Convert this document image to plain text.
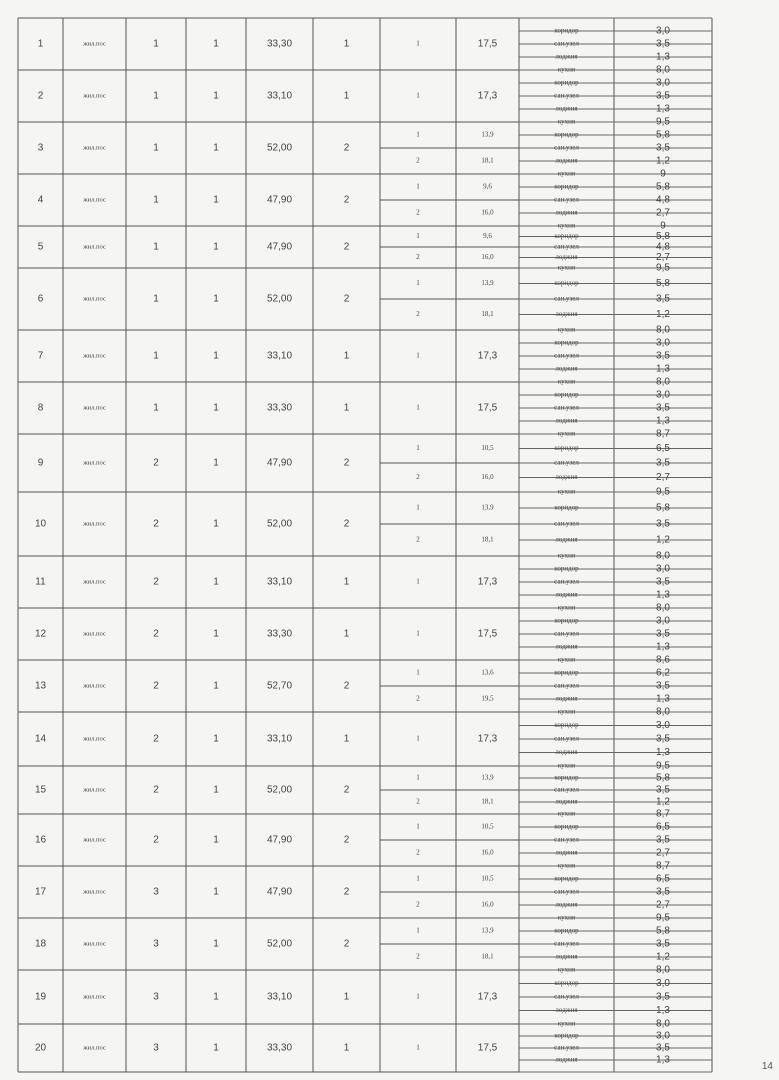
1	жил.пос	1	1	33,30	1	1	17,5
коридор	3,0
сан.узел	3,5
лоджия	1,3
кухня	8,0
2	жил.пос	1	1	33,10	1	1	17,3
коридор	3,0
сан.узел	3,5
лоджия	1,3
кухня	9,5
3	жил.пос	1	1	52,00	2
1	13,9
2	18,1
коридор	5,8
сан.узел	3,5
лоджия	1,2
кухня	9
4	жил.пос	1	1	47,90	2
1	9,6
2	16,0
коридор	5,8
сан.узел	4,8
лоджия	2,7
кухня	9
5	жил.пос	1	1	47,90	2
1	9,6
2	16,0
коридор	5,8
сан.узел	4,8
лоджия	2,7
кухня	9,5
6	жил.пос	1	1	52,00	2
1	13,9
2	18,1
коридор	5,8
сан.узел	3,5
лоджия	1,2
кухня	8,0
7	жил.пос	1	1	33,10	1	1	17,3
коридор	3,0
сан.узел	3,5
лоджия	1,3
кухня	8,0
8	жил.пос	1	1	33,30	1	1	17,5
коридор	3,0
сан.узел	3,5
лоджия	1,3
кухня	8,7
9	жил.пос	2	1	47,90	2
1	10,5
2	16,0
коридор	6,5
сан.узел	3,5
лоджия	2,7
кухня	9,5
10	жил.пос	2	1	52,00	2
1	13,9
2	18,1
коридор	5,8
сан.узел	3,5
лоджия	1,2
кухня	8,0
11	жил.пос	2	1	33,10	1	1	17,3
коридор	3,0
сан.узел	3,5
лоджия	1,3
кухня	8,0
12	жил.пос	2	1	33,30	1	1	17,5
коридор	3,0
сан.узел	3,5
лоджия	1,3
кухня	8,6
13	жил.пос	2	1	52,70	2
1	13,6
2	19,5
коридор	6,2
сан.узел	3,5
лоджия	1,3
кухня	8,0
14	жил.пос	2	1	33,10	1	1	17,3
коридор	3,0
сан.узел	3,5
лоджия	1,3
кухня	9,5
15	жил.пос	2	1	52,00	2
1	13,9
2	18,1
коридор	5,8
сан.узел	3,5
лоджия	1,2
кухня	8,7
16	жил.пос	2	1	47,90	2
1	10,5
2	16,0
коридор	6,5
сан.узел	3,5
лоджия	2,7
кухня	8,7
17	жил.пос	3	1	47,90	2
1	10,5
2	16,0
коридор	6,5
сан.узел	3,5
лоджия	2,7
кухня	9,5
18	жил.пос	3	1	52,00	2
1	13,9
2	18,1
коридор	5,8
сан.узел	3,5
лоджия	1,2
кухня	8,0
19	жил.пос	3	1	33,10	1	1	17,3
коридор	3,0
сан.узел	3,5
лоджия	1,3
кухня	8,0
20	жил.пос	3	1	33,30	1	1	17,5
коридор	3,0
сан.узел	3,5
лоджия	1,3
14
